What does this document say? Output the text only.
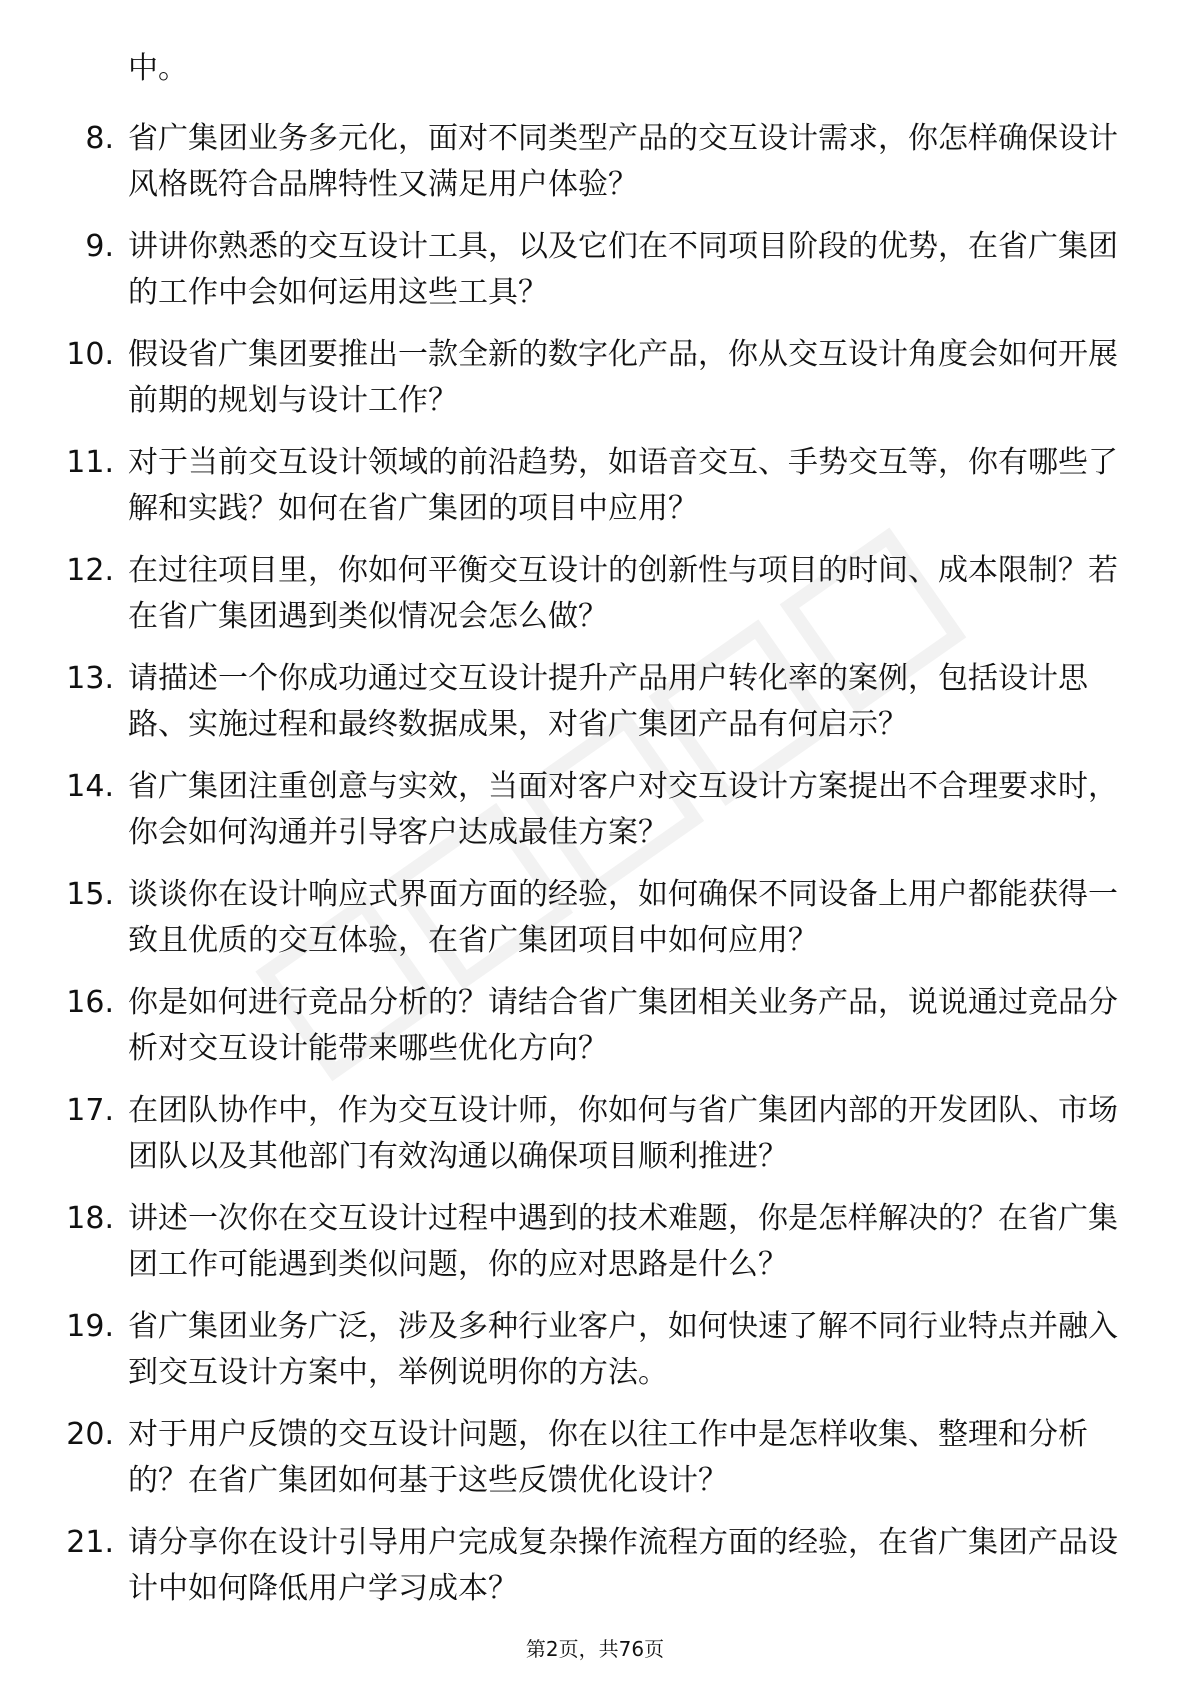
中。
8. 省广集团业务多元化，面对不同类型产品的交互设计需求，你怎样确保设计风格既符合品牌特性又满足用户体验？
9. 讲讲你熟悉的交互设计工具，以及它们在不同项目阶段的优势，在省广集团的工作中会如何运用这些工具？
10. 假设省广集团要推出一款全新的数字化产品，你从交互设计角度会如何开展前期的规划与设计工作？
11. 对于当前交互设计领域的前沿趋势，如语音交互、手势交互等，你有哪些了解和实践？如何在省广集团的项目中应用？
12. 在过往项目里，你如何平衡交互设计的创新性与项目的时间、成本限制？若在省广集团遇到类似情况会怎么做？
13. 请描述一个你成功通过交互设计提升产品用户转化率的案例，包括设计思路、实施过程和最终数据成果，对省广集团产品有何启示？
14. 省广集团注重创意与实效，当面对客户对交互设计方案提出不合理要求时，你会如何沟通并引导客户达成最佳方案？
15. 谈谈你在设计响应式界面方面的经验，如何确保不同设备上用户都能获得一致且优质的交互体验，在省广集团项目中如何应用？
16. 你是如何进行竞品分析的？请结合省广集团相关业务产品，说说通过竞品分析对交互设计能带来哪些优化方向？
17. 在团队协作中，作为交互设计师，你如何与省广集团内部的开发团队、市场团队以及其他部门有效沟通以确保项目顺利推进？
18. 讲述一次你在交互设计过程中遇到的技术难题，你是怎样解决的？在省广集团工作可能遇到类似问题，你的应对思路是什么？
19. 省广集团业务广泛，涉及多种行业客户，如何快速了解不同行业特点并融入到交互设计方案中，举例说明你的方法。
20. 对于用户反馈的交互设计问题，你在以往工作中是怎样收集、整理和分析的？在省广集团如何基于这些反馈优化设计？
21. 请分享你在设计引导用户完成复杂操作流程方面的经验，在省广集团产品设计中如何降低用户学习成本？
第2页，共76页
